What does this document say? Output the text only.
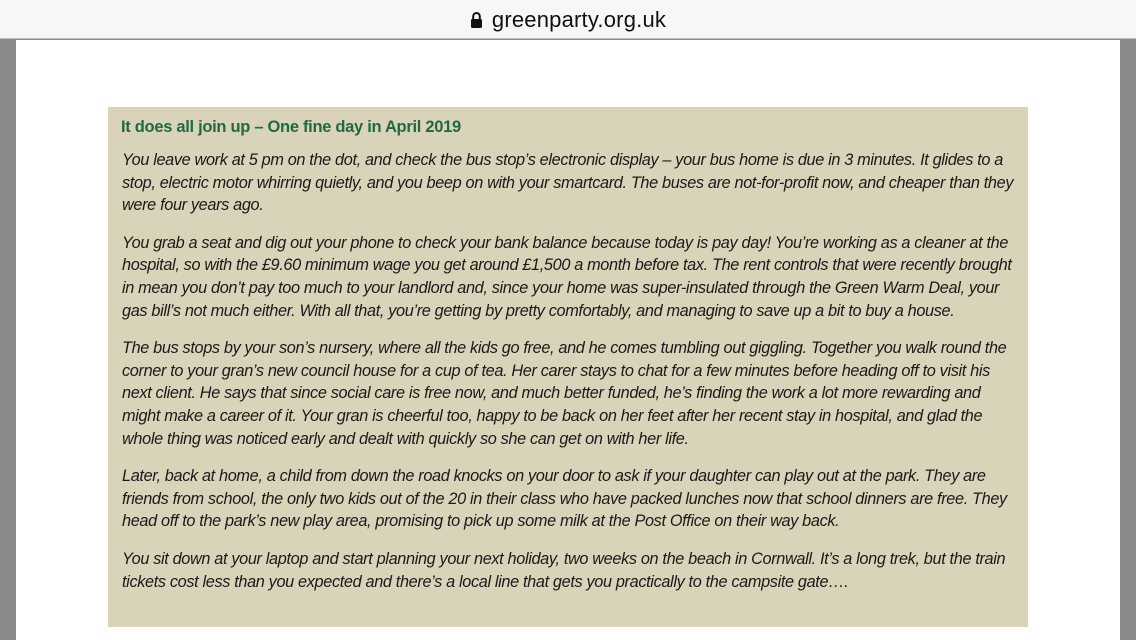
greenparty.org.uk
It does all join up – One fine day in April 2019

You leave work at 5 pm on the dot, and check the bus stop’s electronic display – your bus home is due in 3 minutes. It glides to a stop, electric motor whirring quietly, and you beep on with your smartcard. The buses are not-for-profit now, and cheaper than they were four years ago.

You grab a seat and dig out your phone to check your bank balance because today is pay day! You’re working as a cleaner at the hospital, so with the £9.60 minimum wage you get around £1,500 a month before tax. The rent controls that were recently brought in mean you don’t pay too much to your landlord and, since your home was super-insulated through the Green Warm Deal, your gas bill’s not much either. With all that, you’re getting by pretty comfortably, and managing to save up a bit to buy a house.

The bus stops by your son’s nursery, where all the kids go free, and he comes tumbling out giggling. Together you walk round the corner to your gran’s new council house for a cup of tea. Her carer stays to chat for a few minutes before heading off to visit his next client. He says that since social care is free now, and much better funded, he’s finding the work a lot more rewarding and might make a career of it. Your gran is cheerful too, happy to be back on her feet after her recent stay in hospital, and glad the whole thing was noticed early and dealt with quickly so she can get on with her life.

Later, back at home, a child from down the road knocks on your door to ask if your daughter can play out at the park. They are friends from school, the only two kids out of the 20 in their class who have packed lunches now that school dinners are free. They head off to the park’s new play area, promising to pick up some milk at the Post Office on their way back.

You sit down at your laptop and start planning your next holiday, two weeks on the beach in Cornwall. It’s a long trek, but the train tickets cost less than you expected and there’s a local line that gets you practically to the campsite gate….
